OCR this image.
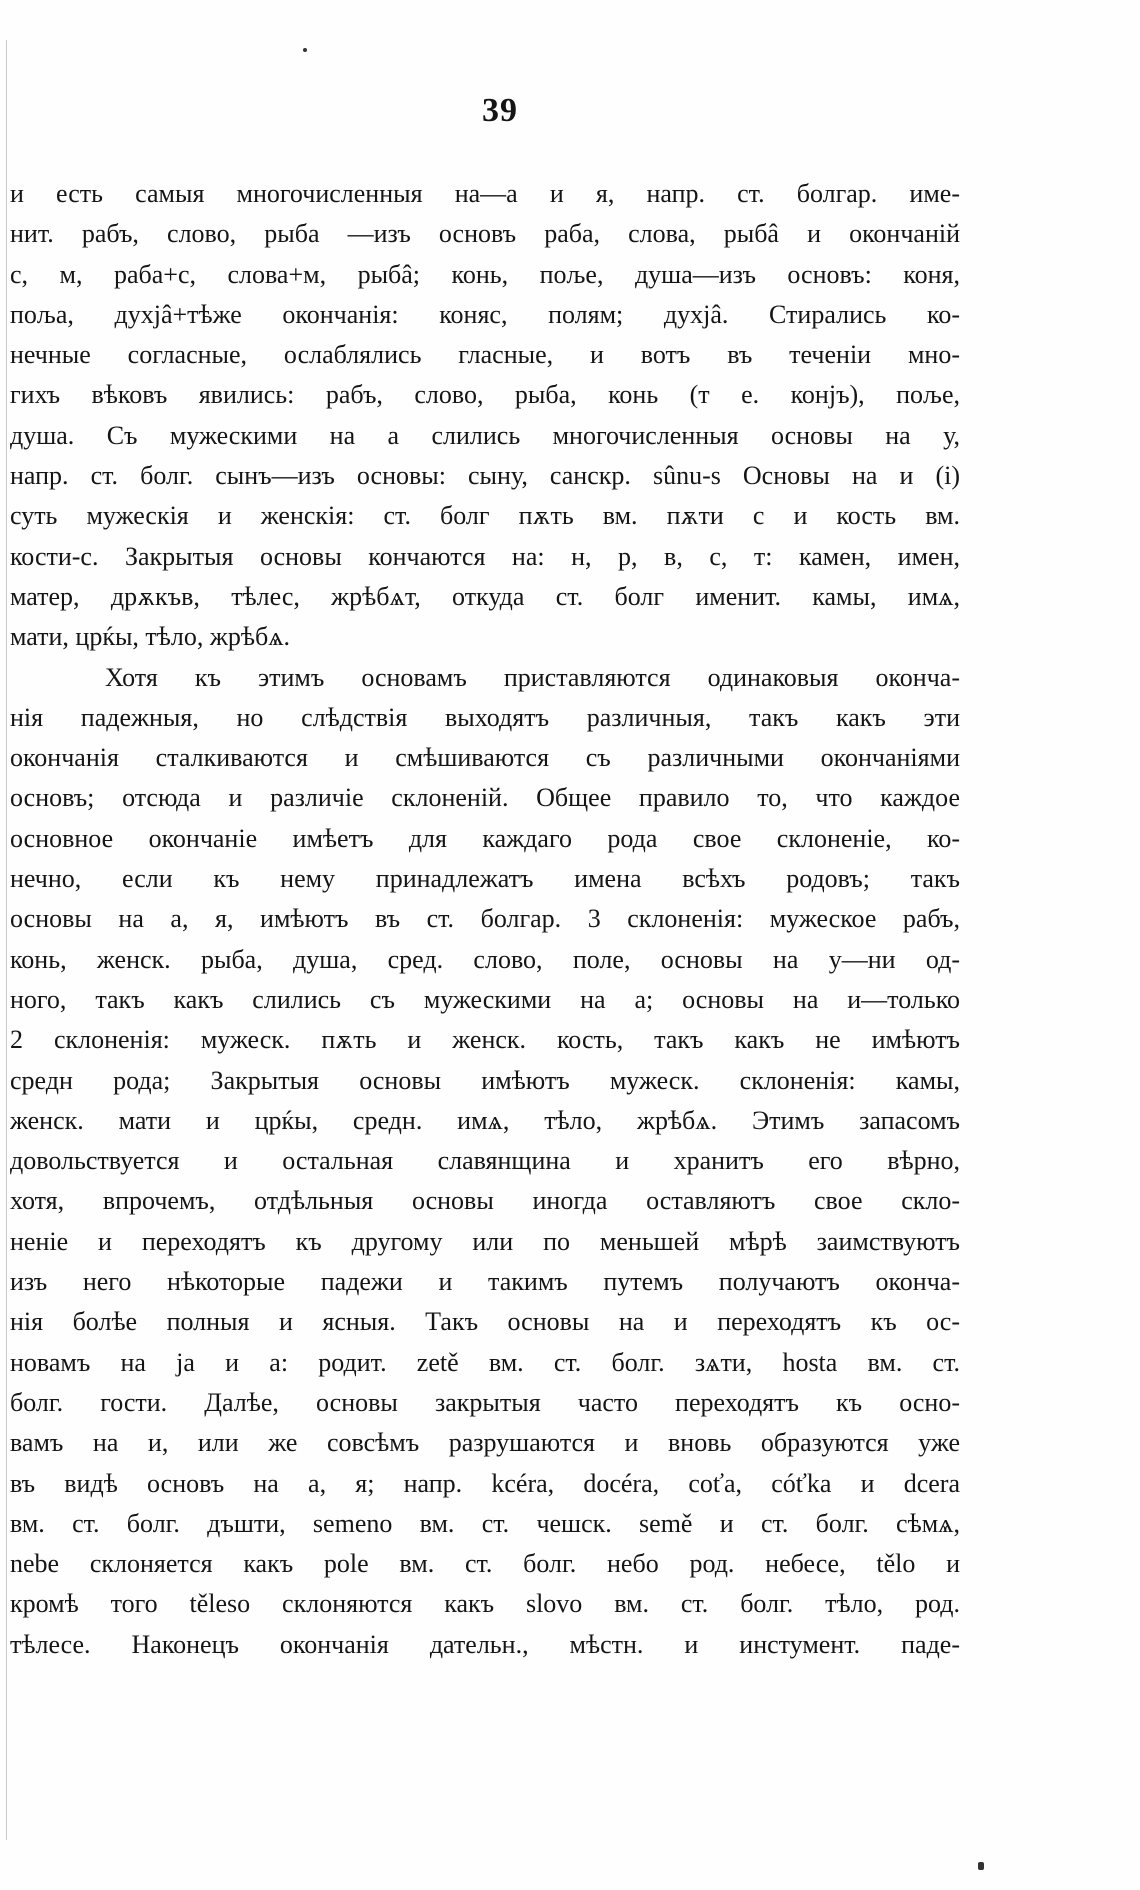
39
и есть самыя многочисленныя на—а и я, напр. ст. болгар. име-
нит. рабъ, слово, рыба —изъ основъ раба, слова, рыбâ и окончаній
с, м, раба+с, слова+м, рыбâ; конь, поље, душа—изъ основъ: коня,
поља, духјâ+тѣже окончанія: коняс, полям; духјâ. Стирались ко-
нечные согласные, ослаблялись гласные, и вотъ въ теченіи мно-
гихъ вѣковъ явились: рабъ, слово, рыба, конь (т е. конјъ), поље,
душа. Съ мужескими на а слились многочисленныя основы на у,
напр. ст. болг. сынъ—изъ основы: сыну, санскр. sûnu-s Основы на и (i)
суть мужескія и женскія: ст. болг пѫть вм. пѫти с и кость вм.
кости-с. Закрытыя основы кончаются на: н, р, в, с, т: камен, имен,
матер, дрѫкъв, тѣлес, жрѣбѧт, откуда ст. болг именит. камы, имѧ,
мати, црќы, тѣло, жрѣбѧ.
Хотя къ этимъ основамъ приставляются одинаковыя оконча-
нія падежныя, но слѣдствія выходятъ различныя, такъ какъ эти
окончанія сталкиваются и смѣшиваются съ различными окончаніями
основъ; отсюда и различіе склоненій. Общее правило то, что каждое
основное окончаніе имѣетъ для каждаго рода свое склоненіе, ко-
нечно, если къ нему принадлежатъ имена всѣхъ родовъ; такъ
основы на а, я, имѣютъ въ ст. болгар. 3 склоненія: мужеское рабъ,
конь, женск. рыба, душа, сред. слово, поле, основы на у—ни од-
ного, такъ какъ слились съ мужескими на а; основы на и—только
2 склоненія: мужеск. пѫть и женск. кость, такъ какъ не имѣютъ
средн рода; Закрытыя основы имѣютъ мужеск. склоненія: камы,
женск. мати и црќы, средн. имѧ, тѣло, жрѣбѧ. Этимъ запасомъ
довольствуется и остальная славянщина и хранитъ его вѣрно,
хотя, впрочемъ, отдѣльныя основы иногда оставляютъ свое скло-
неніе и переходятъ къ другому или по меньшей мѣрѣ заимствуютъ
изъ него нѣкоторые падежи и такимъ путемъ получаютъ оконча-
нія болѣе полныя и ясныя. Такъ основы на и переходятъ къ ос-
новамъ на ја и а: родит. zetě вм. ст. болг. зѧти, hosta вм. ст.
болг. гости. Далѣе, основы закрытыя часто переходятъ къ осно-
вамъ на и, или же совсѣмъ разрушаются и вновь образуются уже
въ видѣ основъ на а, я; напр. kcéra, docéra, coťa, cóťka и dcera
вм. ст. болг. дъшти, semeno вм. ст. чешск. semě и ст. болг. сѣмѧ,
nebe склоняется какъ pole вм. ст. болг. небо род. небесе, tělo и
кромѣ того těleso склоняются какъ slovo вм. ст. болг. тѣло, род.
тѣлесе. Наконецъ окончанія дательн., мѣстн. и инстумент. паде-
